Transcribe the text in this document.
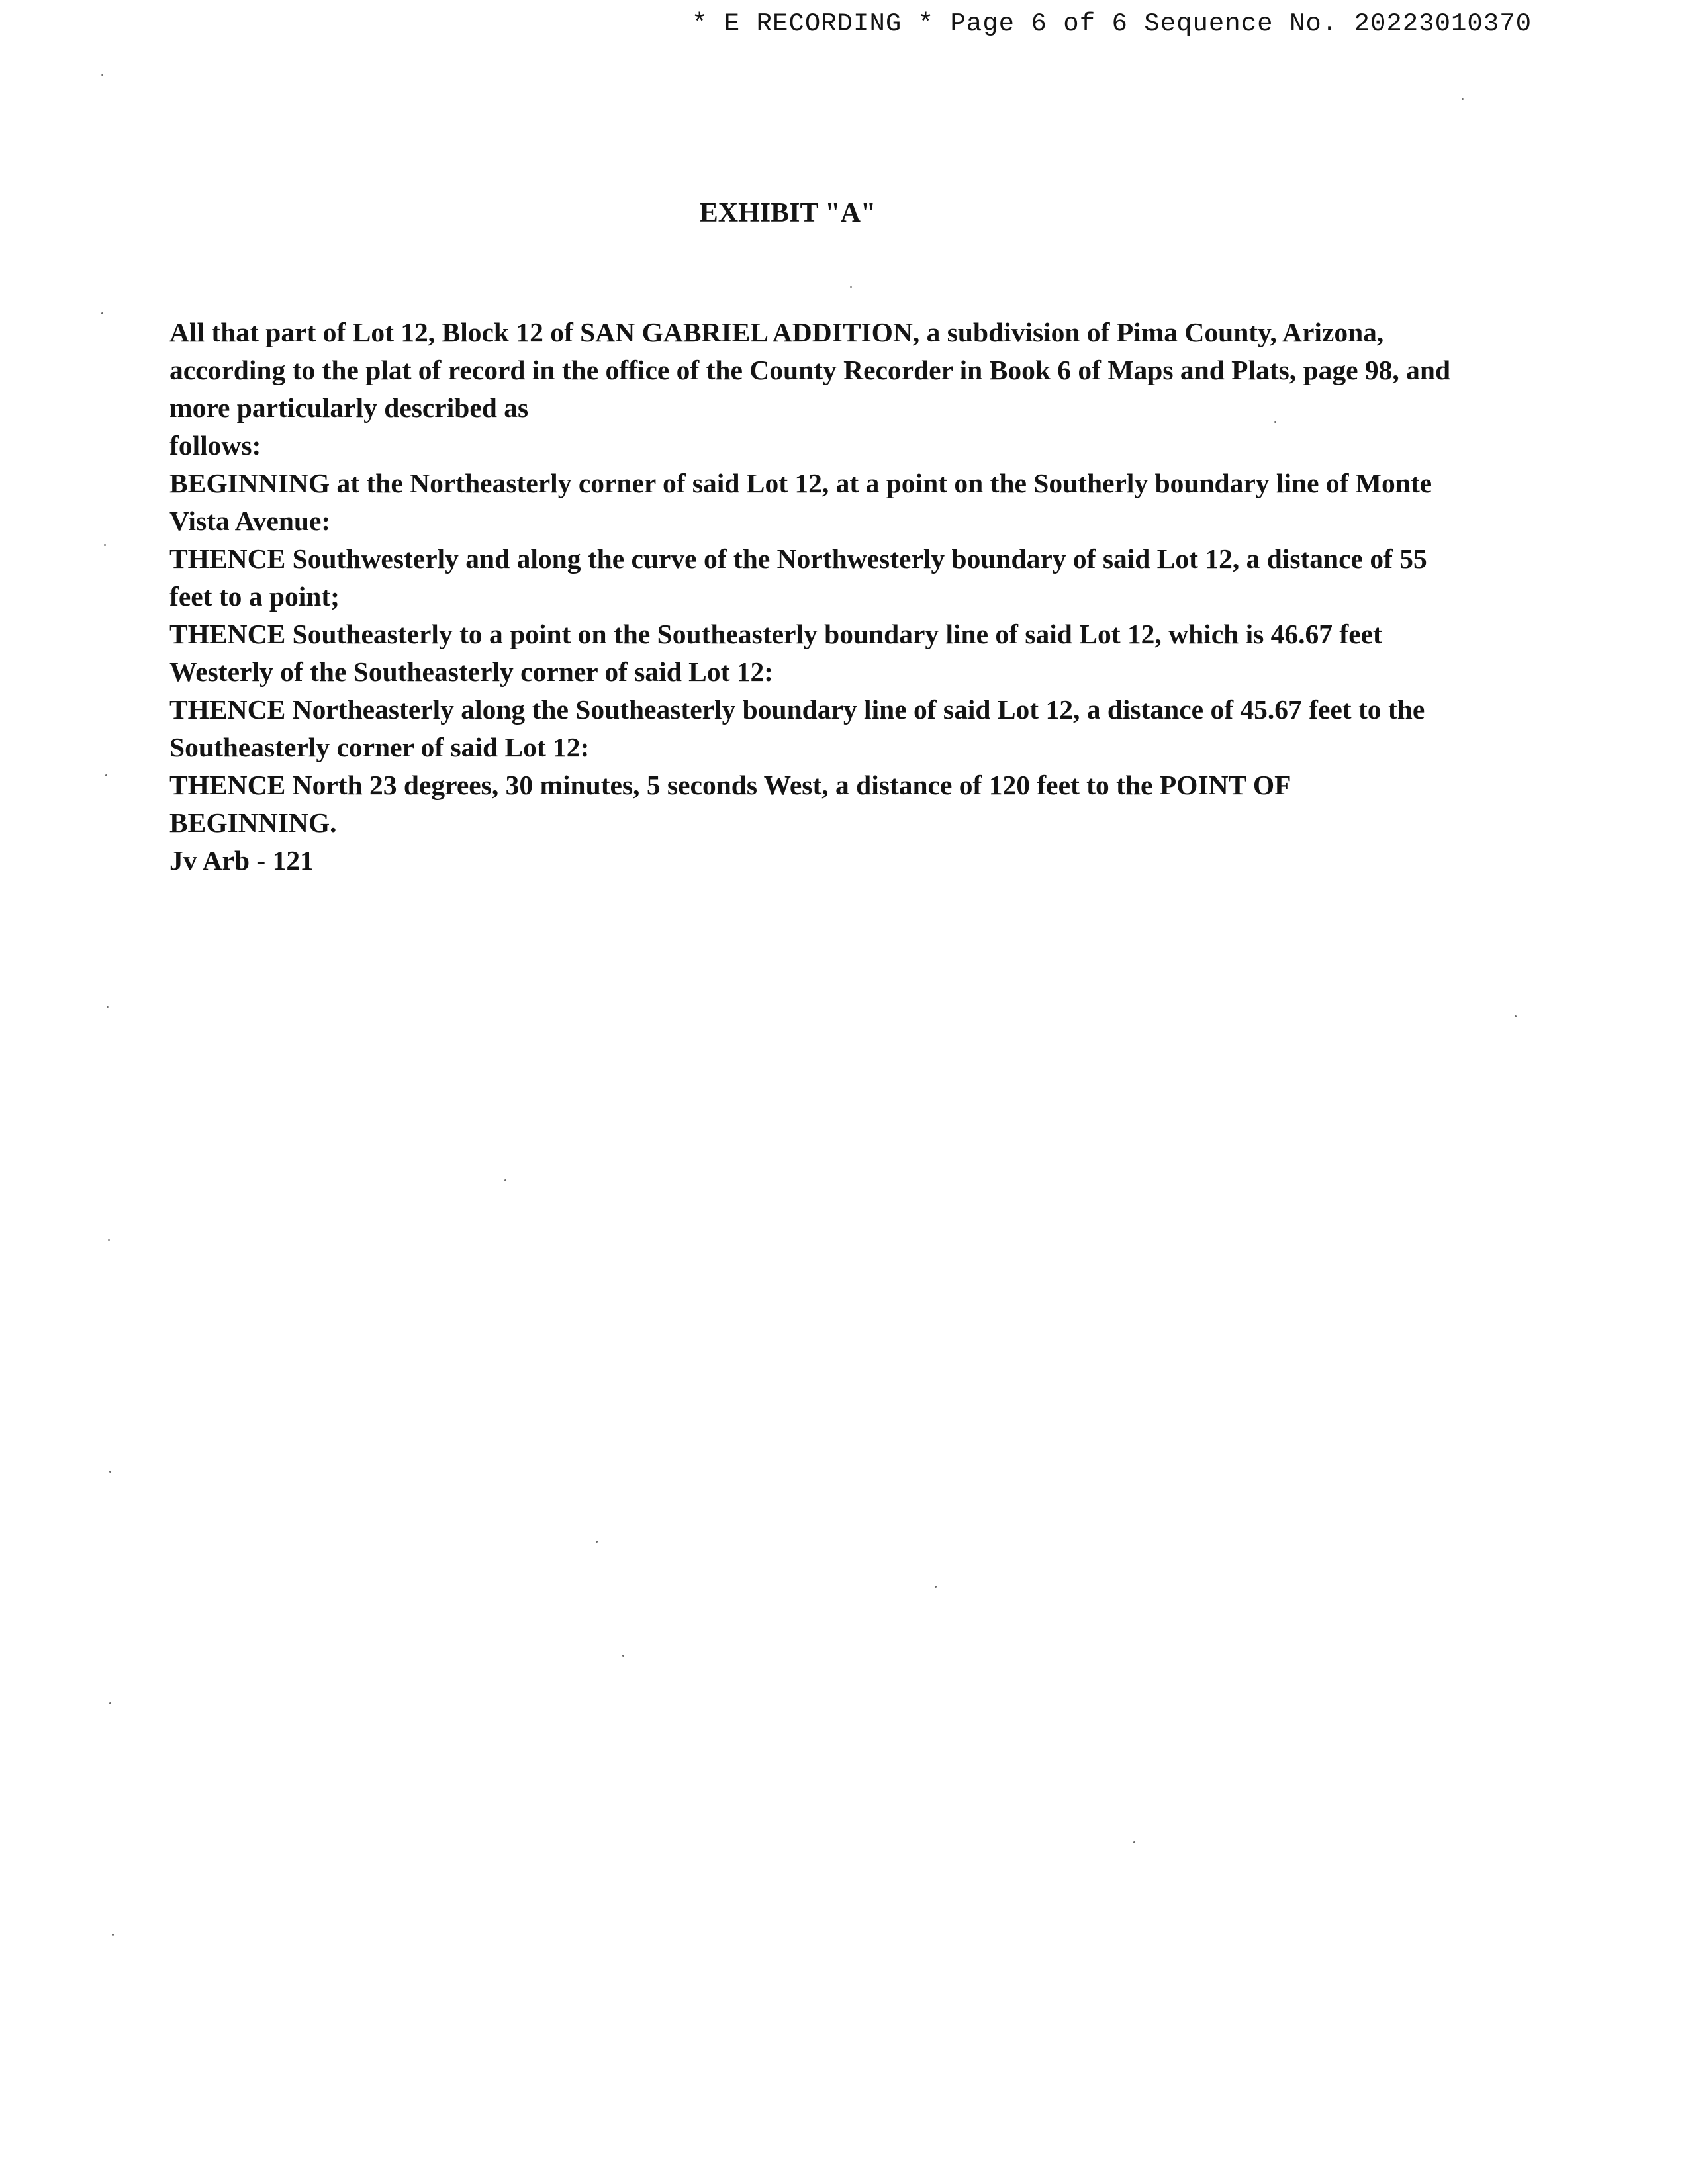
* E RECORDING * Page 6 of 6 Sequence No. 20223010370
EXHIBIT "A"

All that part of Lot 12, Block 12 of SAN GABRIEL ADDITION, a subdivision of Pima County, Arizona,

according to the plat of record in the office of the County Recorder in Book 6 of Maps and Plats, page 98, and

more particularly described as

follows:

BEGINNING at the Northeasterly corner of said Lot 12, at a point on the Southerly boundary line of Monte

Vista Avenue:

THENCE Southwesterly and along the curve of the Northwesterly boundary of said Lot 12, a distance of 55

feet to a point;

THENCE Southeasterly to a point on the Southeasterly boundary line of said Lot 12, which is 46.67 feet

Westerly of the Southeasterly corner of said Lot 12:

THENCE Northeasterly along the Southeasterly boundary line of said Lot 12, a distance of 45.67 feet to the

Southeasterly corner of said Lot 12:

THENCE North 23 degrees, 30 minutes, 5 seconds West, a distance of 120 feet to the POINT OF

BEGINNING.

Jv Arb - 121
